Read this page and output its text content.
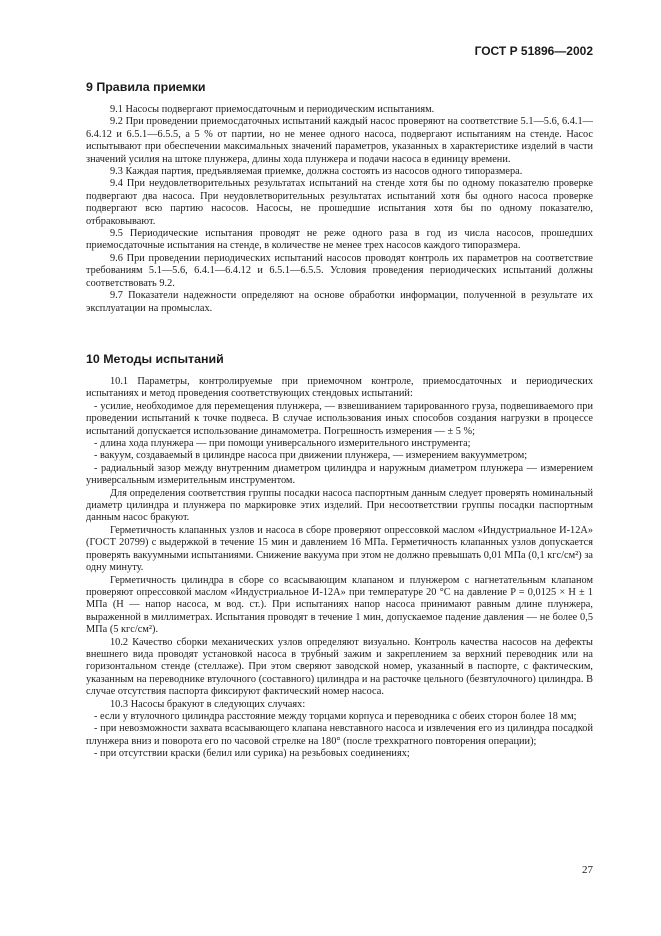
ГОСТ Р 51896—2002
9 Правила приемки

9.1 Насосы подвергают приемосдаточным и периодическим испытаниям.

9.2 При проведении приемосдаточных испытаний каждый насос проверяют на соответствие 5.1—5.6, 6.4.1—6.4.12 и 6.5.1—6.5.5, а 5 % от партии, но не менее одного насоса, подвергают испытаниям на стенде. Насос испытывают при обеспечении максимальных значений параметров, указанных в характеристике изделий в части значений усилия на штоке плунжера, длины хода плунжера и подачи насоса в единицу времени.

9.3 Каждая партия, предъявляемая приемке, должна состоять из насосов одного типоразмера.

9.4 При неудовлетворительных результатах испытаний на стенде хотя бы по одному показателю проверке подвергают два насоса. При неудовлетворительных результатах испытаний хотя бы одного насоса проверке подвергают всю партию насосов. Насосы, не прошедшие испытания хотя бы по одному показателю, отбраковывают.

9.5 Периодические испытания проводят не реже одного раза в год из числа насосов, прошедших приемосдаточные испытания на стенде, в количестве не менее трех насосов каждого типоразмера.

9.6 При проведении периодических испытаний насосов проводят контроль их параметров на соответствие требованиям 5.1—5.6, 6.4.1—6.4.12 и 6.5.1—6.5.5. Условия проведения периодических испытаний должны соответствовать 9.2.

9.7 Показатели надежности определяют на основе обработки информации, полученной в результате их эксплуатации на промыслах.

10 Методы испытаний

10.1 Параметры, контролируемые при приемочном контроле, приемосдаточных и периодических испытаниях и метод проведения соответствующих стендовых испытаний:

- усилие, необходимое для перемещения плунжера, — взвешиванием тарированного груза, подвешиваемого при проведении испытаний к точке подвеса. В случае использования иных способов создания нагрузки в процессе испытаний допускается использование динамометра. Погрешность измерения — ± 5 %;

- длина хода плунжера — при помощи универсального измерительного инструмента;

- вакуум, создаваемый в цилиндре насоса при движении плунжера, — измерением вакуумметром;

- радиальный зазор между внутренним диаметром цилиндра и наружным диаметром плунжера — измерением универсальным измерительным инструментом.

Для определения соответствия группы посадки насоса паспортным данным следует проверять номинальный диаметр цилиндра и плунжера по маркировке этих изделий. При несоответствии группы посадки паспортным данным насос бракуют.

Герметичность клапанных узлов и насоса в сборе проверяют опрессовкой маслом «Индустриальное И-12А» (ГОСТ 20799) с выдержкой в течение 15 мин и давлением 16 МПа. Герметичность клапанных узлов допускается проверять вакуумными испытаниями. Снижение вакуума при этом не должно превышать 0,01 МПа (0,1 кгс/см²) за одну минуту.

Герметичность цилиндра в сборе со всасывающим клапаном и плунжером с нагнетательным клапаном проверяют опрессовкой маслом «Индустриальное И-12А» при температуре 20 °С на давление P = 0,0125 × H ± 1 МПа (H — напор насоса, м вод. ст.). При испытаниях напор насоса принимают равным длине плунжера, выраженной в миллиметрах. Испытания проводят в течение 1 мин, допускаемое падение давления — не более 0,5 МПа (5 кгс/см²).

10.2 Качество сборки механических узлов определяют визуально. Контроль качества насосов на дефекты внешнего вида проводят установкой насоса в трубный зажим и закреплением за верхний переводник или на горизонтальном стенде (стеллаже). При этом сверяют заводской номер, указанный в паспорте, с фактическим, указанным на переводнике втулочного (составного) цилиндра и на расточке цельного (безвтулочного) цилиндра. В случае отсутствия паспорта фиксируют фактический номер насоса.

10.3 Насосы бракуют в следующих случаях:

- если у втулочного цилиндра расстояние между торцами корпуса и переводника с обеих сторон более 18 мм;

- при невозможности захвата всасывающего клапана невставного насоса и извлечения его из цилиндра посадкой плунжера вниз и поворота его по часовой стрелке на 180° (после трехкратного повторения операции);

- при отсутствии краски (белил или сурика) на резьбовых соединениях;

27
